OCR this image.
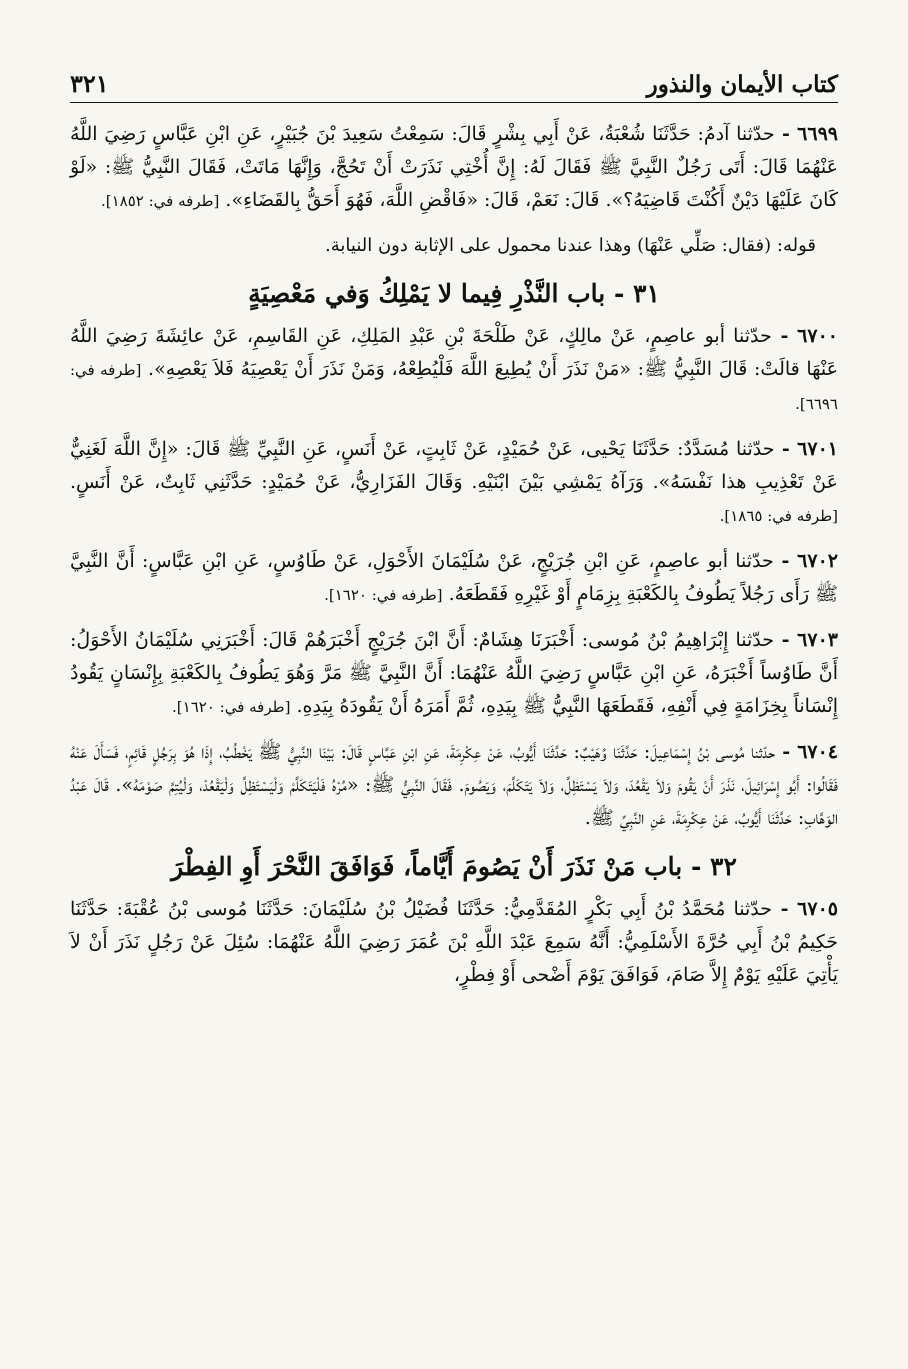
كتاب الأيمان والنذور
٣٢١

٦٦٩٩ - حدّثنا آدمُ: حَدَّثَنَا شُعْبَةُ، عَنْ أَبِي بِشْرٍ قَالَ: سَمِعْتُ سَعِيدَ بْنَ جُبَيْرٍ، عَنِ ابْنِ عَبَّاسٍ رَضِيَ اللَّهُ عَنْهُمَا قَالَ: أَتَى رَجُلٌ النَّبِيَّ ﷺ فَقَالَ لَهُ: إِنَّ أُخْتِي نَذَرَتْ أَنْ تَحُجَّ، وَإِنَّهَا مَاتَتْ، فَقَالَ النَّبِيُّ ﷺ: «لَوْ كَانَ عَلَيْهَا دَيْنٌ أَكُنْتَ قَاضِيَهُ؟». قَالَ: نَعَمْ، قَالَ: «فَاقْضِ اللَّهَ، فَهُوَ أَحَقُّ بِالقَضَاءِ». [طرفه في: ١٨٥٢].

قوله: (فقال: صَلِّي عَنْهَا) وهذا عندنا محمول على الإثابة دون النيابة.

٣١ - باب النَّذْرِ فِيما لا يَمْلِكُ وَفي مَعْصِيَةٍ

٦٧٠٠ - حدّثنا أبو عاصِمٍ، عَنْ مالِكٍ، عَنْ طَلْحَةَ بْنِ عَبْدِ المَلِكِ، عَنِ القَاسِمِ، عَنْ عائِشَةَ رَضِيَ اللَّهُ عَنْهَا قالَتْ: قَالَ النَّبِيُّ ﷺ: «مَنْ نَذَرَ أَنْ يُطِيعَ اللَّهَ فَلْيُطِعْهُ، وَمَنْ نَذَرَ أَنْ يَعْصِيَهُ فَلاَ يَعْصِهِ». [طرفه في: ٦٦٩٦].

٦٧٠١ - حدّثنا مُسَدَّدٌ: حَدَّثَنَا يَحْيى، عَنْ حُمَيْدٍ، عَنْ ثَابِتٍ، عَنْ أَنَسٍ، عَنِ النَّبِيِّ ﷺ قَالَ: «إِنَّ اللَّهَ لَغَنِيٌّ عَنْ تَعْذِيبِ هذا نَفْسَهُ». وَرَآهُ يَمْشِي بَيْنَ ابْنَيْهِ. وَقَالَ الفَزَارِيُّ، عَنْ حُمَيْدٍ: حَدَّثَنِي ثَابِتٌ، عَنْ أَنَسٍ. [طرفه في: ١٨٦٥].

٦٧٠٢ - حدّثنا أبو عاصِمٍ، عَنِ ابْنِ جُرَيْجٍ، عَنْ سُلَيْمَانَ الأَحْوَلِ، عَنْ طَاوُسٍ، عَنِ ابْنِ عَبَّاسٍ: أَنَّ النَّبِيَّ ﷺ رَأَى رَجُلاً يَطُوفُ بِالكَعْبَةِ بِزِمَامٍ أَوْ غَيْرِهِ فَقَطَعَهُ. [طرفه في: ١٦٢٠].

٦٧٠٣ - حدّثنا إِبْرَاهِيمُ بْنُ مُوسى: أَخْبَرَنَا هِشَامٌ: أَنَّ ابْنَ جُرَيْجٍ أَخْبَرَهُمْ قَالَ: أَخْبَرَنِي سُلَيْمَانُ الأَحْوَلُ: أَنَّ طَاوُساً أَخْبَرَهُ، عَنِ ابْنِ عَبَّاسٍ رَضِيَ اللَّهُ عَنْهُمَا: أَنَّ النَّبِيَّ ﷺ مَرَّ وَهُوَ يَطُوفُ بِالكَعْبَةِ بِإِنْسَانٍ يَقُودُ إِنْسَاناً بِخِزَامَةٍ فِي أَنْفِهِ، فَقَطَعَهَا النَّبِيُّ ﷺ بِيَدِهِ، ثُمَّ أَمَرَهُ أَنْ يَقُودَهُ بِيَدِهِ. [طرفه في: ١٦٢٠].

٦٧٠٤ - حدّثنا مُوسى بْنُ إِسْمَاعِيلَ: حَدَّثَنَا وُهَيْبٌ: حَدَّثَنَا أَيُّوبُ، عَنْ عِكْرِمَةَ، عَنِ ابْنِ عَبَّاسٍ قَالَ: بَيْنَا النَّبِيُّ ﷺ يَخْطُبُ، إِذَا هُوَ بِرَجُلٍ قَائِمٍ، فَسَأَلَ عَنْهُ فَقَالُوا: أَبُو إِسْرَائِيلَ، نَذَرَ أَنْ يَقُومَ وَلاَ يَقْعُدَ، وَلاَ يَسْتَظِلَّ، وَلاَ يَتَكَلَّمَ، وَيَصُومَ. فَقَالَ النَّبِيُّ ﷺ: «مُرْهُ فَلْيَتَكَلَّمْ وَلْيَسْتَظِلَّ وَلْيَقْعُدْ، وَلْيُتِمَّ صَوْمَهُ». قَالَ عَبْدُ الوَهَّابِ: حَدَّثَنَا أَيُّوبُ، عَنْ عِكْرِمَةَ، عَنِ النَّبِيِّ ﷺ.

٣٢ - باب مَنْ نَذَرَ أَنْ يَصُومَ أَيَّاماً، فَوَافَقَ النَّحْرَ أَوِ الفِطْرَ

٦٧٠٥ - حدّثنا مُحَمَّدُ بْنُ أَبِي بَكْرٍ المُقَدَّمِيُّ: حَدَّثَنَا فُضَيْلُ بْنُ سُلَيْمَانَ: حَدَّثَنَا مُوسى بْنُ عُقْبَةَ: حَدَّثَنَا حَكِيمُ بْنُ أَبِي حُرَّةَ الأَسْلَمِيُّ: أَنَّهُ سَمِعَ عَبْدَ اللَّهِ بْنَ عُمَرَ رَضِيَ اللَّهُ عَنْهُمَا: سُئِلَ عَنْ رَجُلٍ نَذَرَ أَنْ لاَ يَأْتِيَ عَلَيْهِ يَوْمٌ إِلاَّ صَامَ، فَوَافَقَ يَوْمَ أَضْحى أَوْ فِطْرٍ،
